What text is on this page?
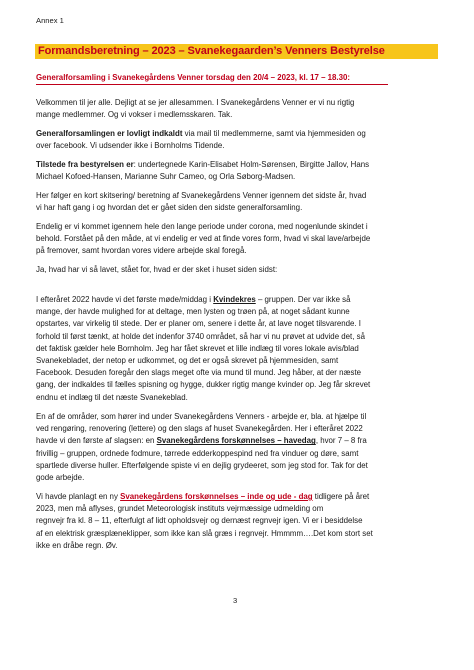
Annex 1
Formandsberetning – 2023 – Svanekegaarden’s Venners Bestyrelse
Generalforsamling i Svanekegårdens Venner torsdag den 20/4 – 2023, kl. 17 – 18.30:
Velkommen til jer alle. Dejligt at se jer allesammen. I Svanekegårdens Venner er vi nu rigtig
mange medlemmer. Og vi vokser i medlemsskaren. Tak.
Generalforsamlingen er lovligt indkaldt via mail til medlemmerne, samt via hjemmesiden og
over facebook. Vi udsender ikke i Bornholms Tidende.
Tilstede fra bestyrelsen er: undertegnede Karin-Elisabet Holm-Sørensen, Birgitte Jallov, Hans
Michael Kofoed-Hansen, Marianne Suhr Cameo, og Orla Søborg-Madsen.
Her følger en kort skitsering/ beretning af Svanekegårdens Venner igennem det sidste år, hvad
vi har haft gang i og hvordan det er gået siden den sidste generalforsamling.
Endelig er vi kommet igennem hele den lange periode under corona, med nogenlunde skindet i
behold. Forstået på den måde, at vi endelig er ved at finde vores form, hvad vi skal lave/arbejde
på fremover, samt hvordan vores videre arbejde skal foregå.
Ja, hvad har vi så lavet, stået for, hvad er der sket i huset siden sidst:
I efteråret 2022 havde vi det første møde/middag i Kvindekres – gruppen. Der var ikke så
mange, der havde mulighed for at deltage, men lysten og trøen på, at noget sådant kunne
opstartes, var virkelig til stede. Der er planer om, senere i dette år, at lave noget tilsvarende. I
forhold til først tænkt, at holde det indenfor 3740 området, så har vi nu prøvet at udvide det, så
det faktisk gælder hele Bornholm. Jeg har fået skrevet et lille indlæg til vores lokale avis/blad
Svanekebladet, der netop er udkommet, og det er også skrevet på hjemmesiden, samt
Facebook. Desuden foregår den slags meget ofte via mund til mund. Jeg håber, at der næste
gang, der indkaldes til fælles spisning og hygge, dukker rigtig mange kvinder op. Jeg får skrevet
endnu et indlæg til det næste Svanekeblad.
En af de områder, som hører ind under Svanekegårdens Venners - arbejde er, bla. at hjælpe til
ved rengøring, renovering (lettere) og den slags af huset Svanekegården. Her i efteråret 2022
havde vi den første af slagsen: en Svanekegårdens forskønnelses – havedag, hvor 7 – 8 fra
frivillig – gruppen, ordnede fodmure, tørrede edderkoppespind ned fra vinduer og døre, samt
spartlede diverse huller. Efterfølgende spiste vi en dejlig grydeeret, som jeg stod for. Tak for det
gode arbejde.
Vi havde planlagt en ny Svanekegårdens forskønnelses – inde og ude - dag tidligere på året
2023, men må aflyses, grundet Meteorologisk instituts vejrmæssige udmelding om
regnvejr fra kl. 8 – 11, efterfulgt af lidt opholdsvejr og dernæst regnvejr igen. Vi er i besiddelse
af en elektrisk græsplæneklipper, som ikke kan slå græs i regnvejr. Hmmmm….Det kom stort set
ikke en dråbe regn. Øv.
3
